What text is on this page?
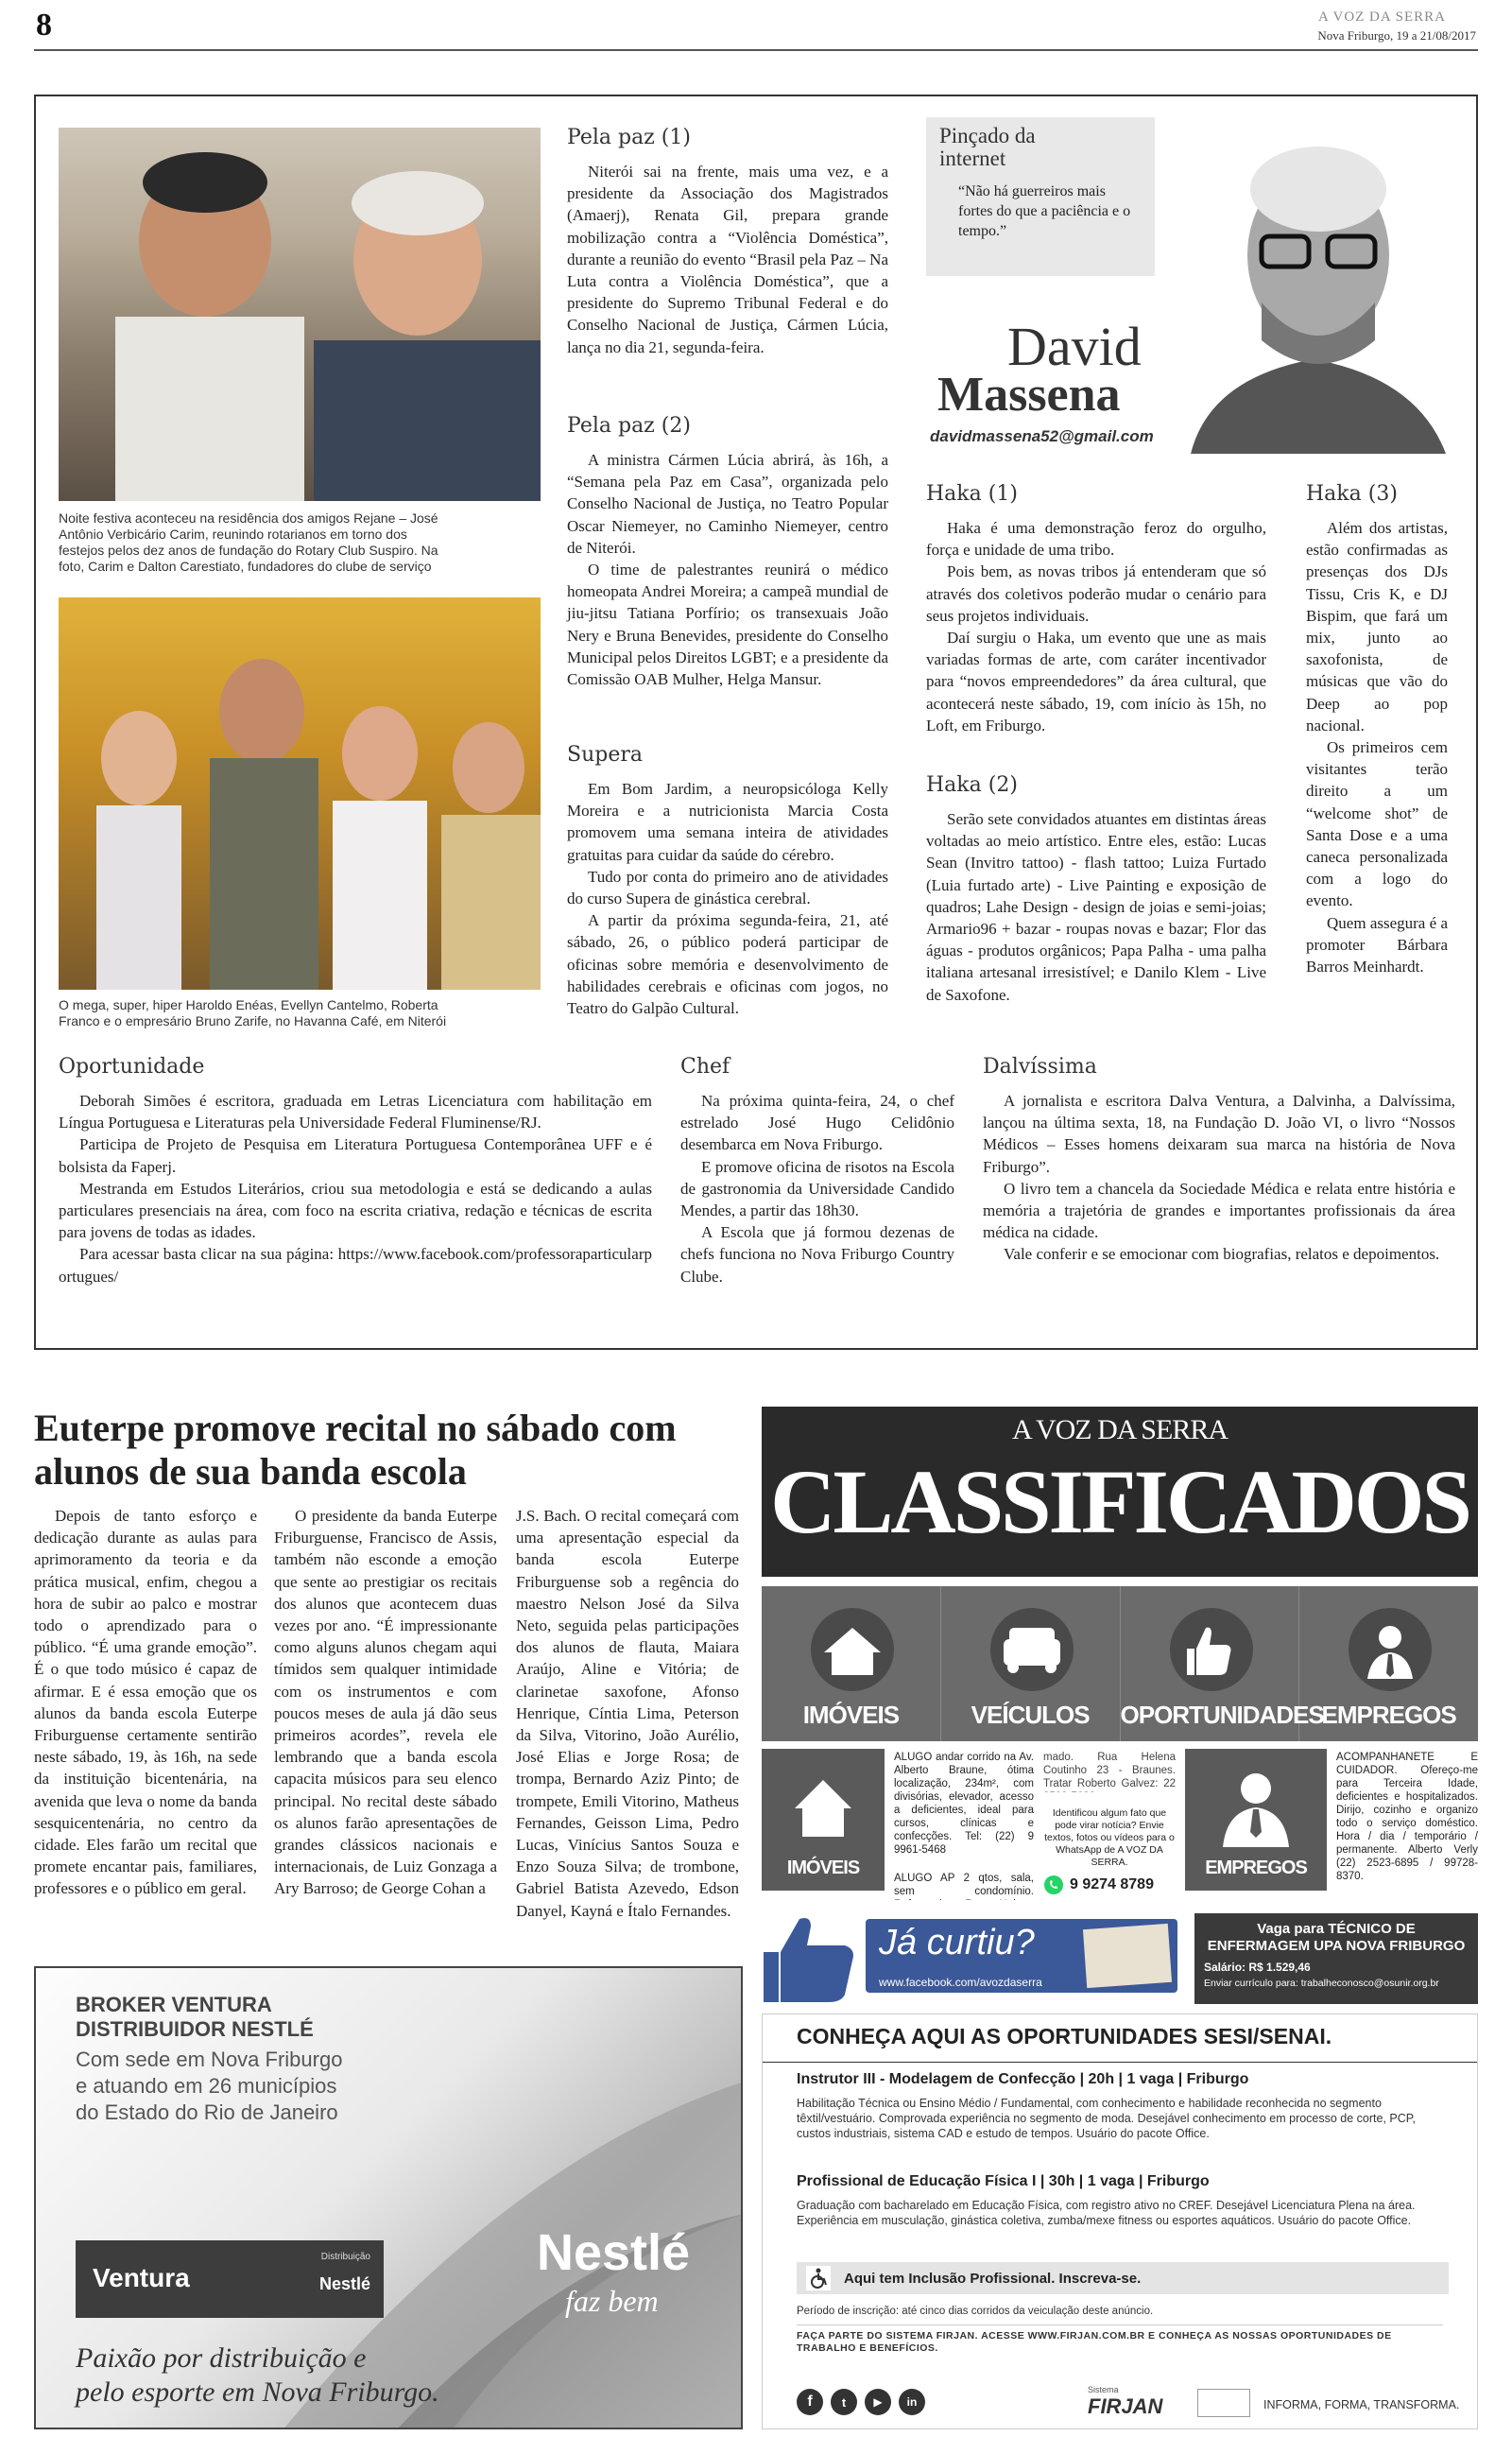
8	A VOZ DA SERRA
Nova Friburgo, 19 a 21/08/2017
Noite festiva aconteceu na residência dos amigos Rejane – José Antônio Verbicário Carim, reunindo rotarianos em torno dos festejos pelos dez anos de fundação do Rotary Club Suspiro. Na foto, Carim e Dalton Carestiato, fundadores do clube de serviço
O mega, super, hiper Haroldo Enéas, Evellyn Cantelmo, Roberta Franco e o empresário Bruno Zarife, no Havanna Café, em Niterói
Pela paz (1)

Niterói sai na frente, mais uma vez, e a presidente da Associação dos Magistrados (Amaerj), Renata Gil, prepara grande mobilização contra a “Violência Doméstica”, durante a reunião do evento “Brasil pela Paz – Na Luta contra a Violência Doméstica”, que a presidente do Supremo Tribunal Federal e do Conselho Nacional de Justiça, Cármen Lúcia, lança no dia 21, segunda-feira.

Pela paz (2)

A ministra Cármen Lúcia abrirá, às 16h, a “Semana pela Paz em Casa”, organizada pelo Conselho Nacional de Justiça, no Teatro Popular Oscar Niemeyer, no Caminho Niemeyer, centro de Niterói.

O time de palestrantes reunirá o médico homeopata Andrei Moreira; a campeã mundial de jiu-jitsu Tatiana Porfírio; os transexuais João Nery e Bruna Benevides, presidente do Conselho Municipal pelos Direitos LGBT; e a presidente da Comissão OAB Mulher, Helga Mansur.

Supera

Em Bom Jardim, a neuropsicóloga Kelly Moreira e a nutricionista Marcia Costa promovem uma semana inteira de atividades gratuitas para cuidar da saúde do cérebro.

Tudo por conta do primeiro ano de atividades do curso Supera de ginástica cerebral.

A partir da próxima segunda-feira, 21, até sábado, 26, o público poderá participar de oficinas sobre memória e desenvolvimento de habilidades cerebrais e oficinas com jogos, no Teatro do Galpão Cultural.

Pinçado da internet
“Não há guerreiros mais fortes do que a paciência e o tempo.”
David
Massena
davidmassena52@gmail.com
Haka (1)

Haka é uma demonstração feroz do orgulho, força e unidade de uma tribo.

Pois bem, as novas tribos já entenderam que só através dos coletivos poderão mudar o cenário para seus projetos individuais.

Daí surgiu o Haka, um evento que une as mais variadas formas de arte, com caráter incentivador para “novos empreendedores” da área cultural, que acontecerá neste sábado, 19, com início às 15h, no Loft, em Friburgo.

Haka (2)

Serão sete convidados atuantes em distintas áreas voltadas ao meio artístico. Entre eles, estão: Lucas Sean (Invitro tattoo) - flash tattoo; Luiza Furtado (Luia furtado arte) - Live Painting e exposição de quadros; Lahe Design - design de joias e semi-joias; Armario96 + bazar - roupas novas e bazar; Flor das águas - produtos orgânicos; Papa Palha - uma palha italiana artesanal irresistível; e Danilo Klem - Live de Saxofone.

Haka (3)

Além dos artistas, estão confirmadas as presenças dos DJs Tissu, Cris K, e DJ Bispim, que fará um mix, junto ao saxofonista, de músicas que vão do Deep ao pop nacional.

Os primeiros cem visitantes terão direito a um “welcome shot” de Santa Dose e a uma caneca personalizada com a logo do evento.

Quem assegura é a promoter Bárbara Barros Meinhardt.

Oportunidade

Deborah Simões é escritora, graduada em Letras Licenciatura com habilitação em Língua Portuguesa e Literaturas pela Universidade Federal Fluminense/RJ.

Participa de Projeto de Pesquisa em Literatura Portuguesa Contemporânea UFF e é bolsista da Faperj.

Mestranda em Estudos Literários, criou sua metodologia e está se dedicando a aulas particulares presenciais na área, com foco na escrita criativa, redação e técnicas de escrita para jovens de todas as idades.

Para acessar basta clicar na sua página: https://www.facebook.com/professoraparticularportugues/

Chef

Na próxima quinta-feira, 24, o chef estrelado José Hugo Celidônio desembarca em Nova Friburgo.

E promove oficina de risotos na Escola de gastronomia da Universidade Candido Mendes, a partir das 18h30.

A Escola que já formou dezenas de chefs funciona no Nova Friburgo Country Clube.

Dalvíssima

A jornalista e escritora Dalva Ventura, a Dalvinha, a Dalvíssima, lançou na última sexta, 18, na Fundação D. João VI, o livro “Nossos Médicos – Esses homens deixaram sua marca na história de Nova Friburgo”.

O livro tem a chancela da Sociedade Médica e relata entre história e memória a trajetória de grandes e importantes profissionais da área médica na cidade.

Vale conferir e se emocionar com biografias, relatos e depoimentos.

Euterpe promove recital no sábado com alunos de sua banda escola

Depois de tanto esforço e dedicação durante as aulas para aprimoramento da teoria e da prática musical, enfim, chegou a hora de subir ao palco e mostrar todo o aprendizado para o público. “É uma grande emoção”. É o que todo músico é capaz de afirmar. E é essa emoção que os alunos da banda escola Euterpe Friburguense certamente sentirão neste sábado, 19, às 16h, na sede da instituição bicentenária, na avenida que leva o nome da banda sesquicentenária, no centro da cidade. Eles farão um recital que promete encantar pais, familiares, professores e o público em geral.

O presidente da banda Euterpe Friburguense, Francisco de Assis, também não esconde a emoção que sente ao prestigiar os recitais dos alunos que acontecem duas vezes por ano. “É impressionante como alguns alunos chegam aqui tímidos sem qualquer intimidade com os instrumentos e com poucos meses de aula já dão seus primeiros acordes”, revela ele lembrando que a banda escola capacita músicos para seu elenco principal. No recital deste sábado os alunos farão apresentações de grandes clássicos nacionais e internacionais, de Luiz Gonzaga a Ary Barroso; de George Cohan a

J.S. Bach. O recital começará com uma apresentação especial da banda escola Euterpe Friburguense sob a regência do maestro Nelson José da Silva Neto, seguida pelas participações dos alunos de flauta, Maiara Araújo, Aline e Vitória; de clarinetae saxofone, Afonso Henrique, Cíntia Lima, Peterson da Silva, Vitorino, João Aurélio, José Elias e Jorge Rosa; de trompa, Bernardo Aziz Pinto; de trompete, Emili Vitorino, Matheus Fernandes, Geisson Lima, Pedro Lucas, Vinícius Santos Souza e Enzo Souza Silva; de trombone, Gabriel Batista Azevedo, Edson Danyel, Kayná e Ítalo Fernandes.

A VOZ DA SERRA
CLASSIFICADOS
IMÓVEIS	VEÍCULOS	OPORTUNIDADES
EMPREGOS
IMÓVEIS
ALUGO andar corrido na Av. Alberto Braune, ótima localização, 234m², com divisórias, elevador, acesso a deficientes, ideal para cursos, clínicas e confecções. Tel: (22) 9 9961-5468
ALUGO AP 2 qtos, sala, sem condomínio.
mado. Rua Helena Coutinho 23 - Braunes. Tratar Roberto Galvez: 22
Identificou algum fato que pode virar notícia? Envie textos, fotos ou vídeos para o WhatsApp de A VOZ DA SERRA.
9 9274 8789
EMPREGOS
ACOMPANHANETE E CUIDADOR. Ofereço-me para Terceira Idade, deficientes e hospitalizados. Dirijo, cozinho e organizo todo o serviço doméstico. Hora / dia / temporário / permanente. Alberto Verly (22) 2523-6895 / 99728-8370.
Já curtiu?
www.facebook.com/avozdaserra
Vaga para TÉCNICO DE ENFERMAGEM UPA NOVA FRIBURGO
Salário: R$ 1.529,46
Enviar currículo para: trabalheconosco@osunir.org.br
BROKER VENTURA
DISTRIBUIDOR NESTLÉ
Com sede em Nova Friburgo
e atuando em 26 municípios
do Estado do Rio de Janeiro
Ventura
Distribuição
Nestlé
Nestlé
faz bem
Paixão por distribuição e
pelo esporte em Nova Friburgo.
CONHEÇA AQUI AS OPORTUNIDADES SESI/SENAI.
Instrutor III - Modelagem de Confecção | 20h | 1 vaga | Friburgo
Habilitação Técnica ou Ensino Médio / Fundamental, com conhecimento e habilidade reconhecida no segmento têxtil/vestuário. Comprovada experiência no segmento de moda. Desejável conhecimento em processo de corte, PCP, custos industriais, sistema CAD e estudo de tempos. Usuário do pacote Office.
Profissional de Educação Física I | 30h | 1 vaga | Friburgo
Graduação com bacharelado em Educação Física, com registro ativo no CREF. Desejável Licenciatura Plena na área. Experiência em musculação, ginástica coletiva, zumba/mexe fitness ou esportes aquáticos. Usuário do pacote Office.
Aqui tem Inclusão Profissional. Inscreva-se.
Período de inscrição: até cinco dias corridos da veiculação deste anúncio.
FAÇA PARTE DO SISTEMA FIRJAN. ACESSE WWW.FIRJAN.COM.BR E CONHEÇA AS NOSSAS OPORTUNIDADES DE TRABALHO E BENEFÍCIOS.
f	t	▶	in
Sistema
FIRJAN	INFORMA, FORMA, TRANSFORMA.
